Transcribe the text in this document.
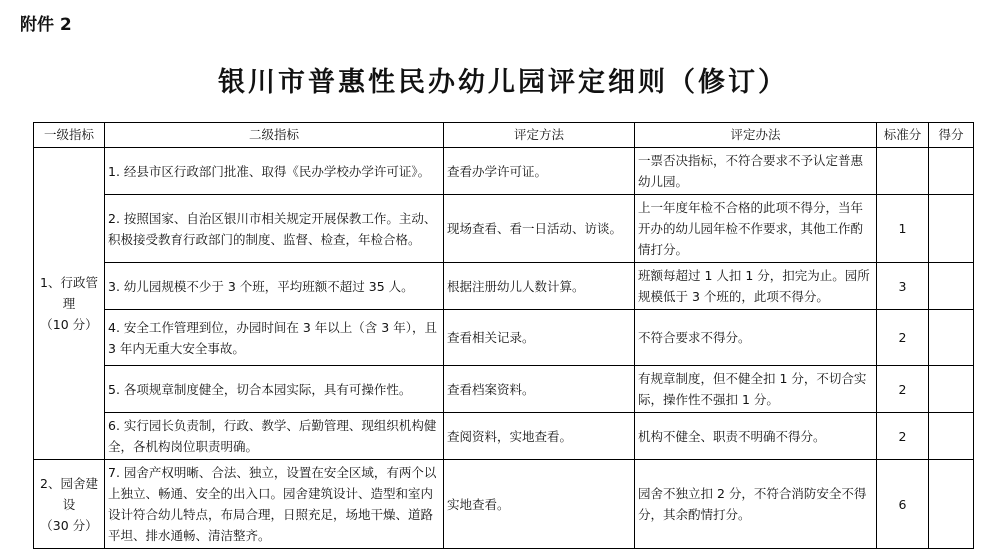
附件 2
银川市普惠性民办幼儿园评定细则（修订）
一级指标	二级指标	评定方法	评定办法	标准分	得分

1、行政管理
（10 分）	1. 经县市区行政部门批准、取得《民办学校办学许可证》。	查看办学许可证。	一票否决指标，不符合要求不予认定普惠幼儿园。		
	2. 按照国家、自治区银川市相关规定开展保教工作。主动、积极接受教育行政部门的制度、监督、检查，年检合格。	现场查看、看一日活动、访谈。	上一年度年检不合格的此项不得分，当年开办的幼儿园年检不作要求，其他工作酌情打分。	1	
	3. 幼儿园规模不少于 3 个班，平均班额不超过 35 人。	根据注册幼儿人数计算。	班额每超过 1 人扣 1 分，扣完为止。园所规模低于 3 个班的，此项不得分。	3	
	4. 安全工作管理到位，办园时间在 3 年以上（含 3 年），且 3 年内无重大安全事故。	查看相关记录。	不符合要求不得分。	2	
	5. 各项规章制度健全，切合本园实际，具有可操作性。	查看档案资料。	有规章制度，但不健全扣 1 分，不切合实际，操作性不强扣 1 分。	2	
	6. 实行园长负责制，行政、教学、后勤管理、现组织机构健全，各机构岗位职责明确。	查阅资料，实地查看。	机构不健全、职责不明确不得分。	2	

2、园舍建设
（30 分）	7. 园舍产权明晰、合法、独立，设置在安全区域，有两个以上独立、畅通、安全的出入口。园舍建筑设计、造型和室内设计符合幼儿特点，布局合理，日照充足，场地干燥、道路平坦、排水通畅、清洁整齐。	实地查看。	园舍不独立扣 2 分，不符合消防安全不得分，其余酌情打分。	6	
